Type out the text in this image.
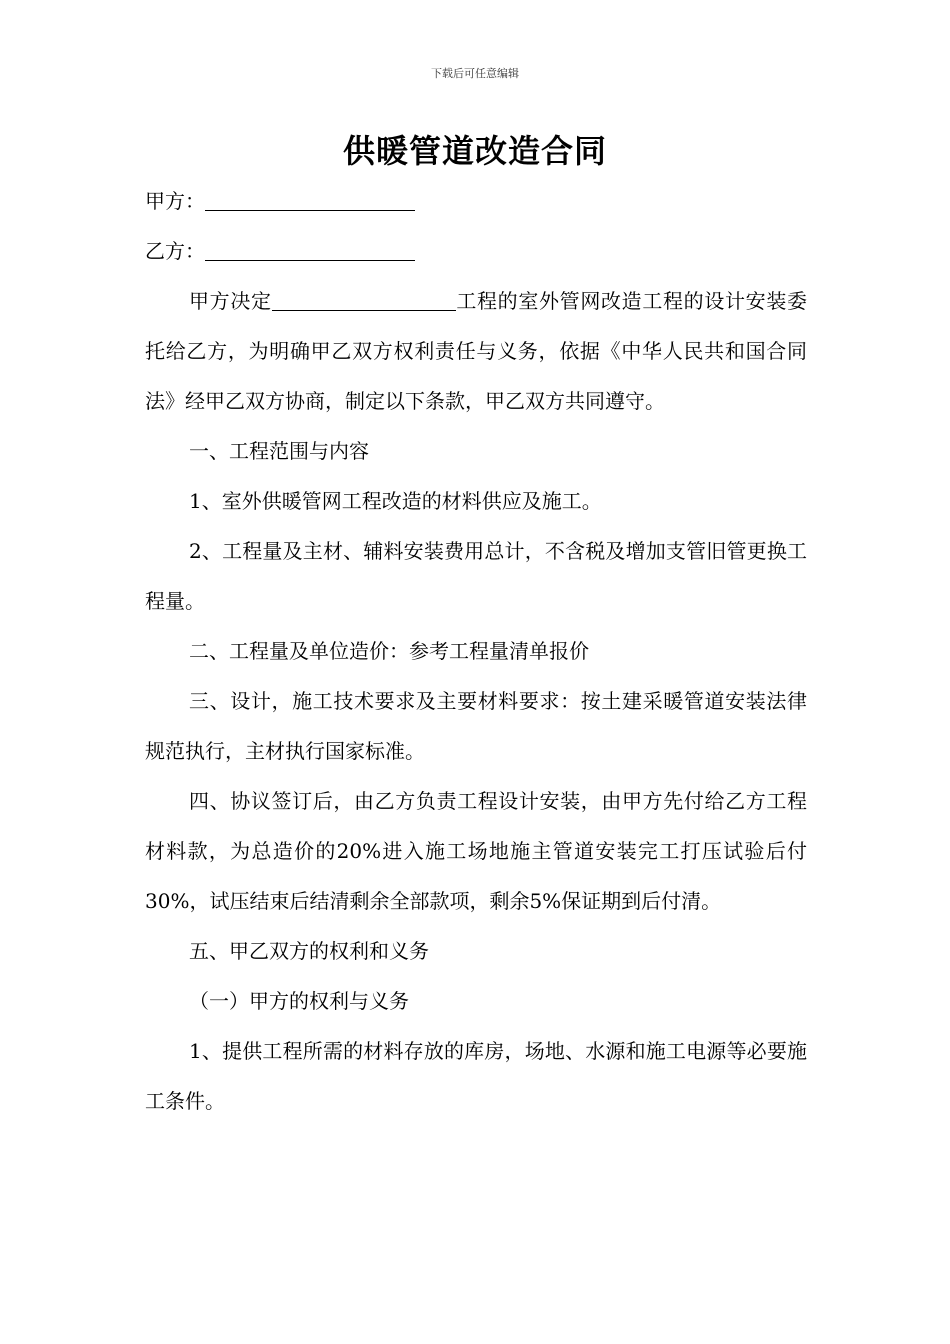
下载后可任意编辑
供暖管道改造合同

甲方：

乙方：

甲方决定	工程的室外管网改造工程的设计安装委托给乙方，为明确甲乙双方权利责任与义务，依据《中华人民共和国合同法》经甲乙双方协商，制定以下条款，甲乙双方共同遵守。

一、工程范围与内容

1、室外供暖管网工程改造的材料供应及施工。

2、工程量及主材、辅料安装费用总计，不含税及增加支管旧管更换工程量。

二、工程量及单位造价：参考工程量清单报价

三、设计，施工技术要求及主要材料要求：按土建采暖管道安装法律规范执行，主材执行国家标准。

四、协议签订后，由乙方负责工程设计安装，由甲方先付给乙方工程材料款，为总造价的20%进入施工场地施主管道安装完工打压试验后付30%，试压结束后结清剩余全部款项，剩余5%保证期到后付清。

五、甲乙双方的权利和义务

（一）甲方的权利与义务

1、提供工程所需的材料存放的库房，场地、水源和施工电源等必要施工条件。
